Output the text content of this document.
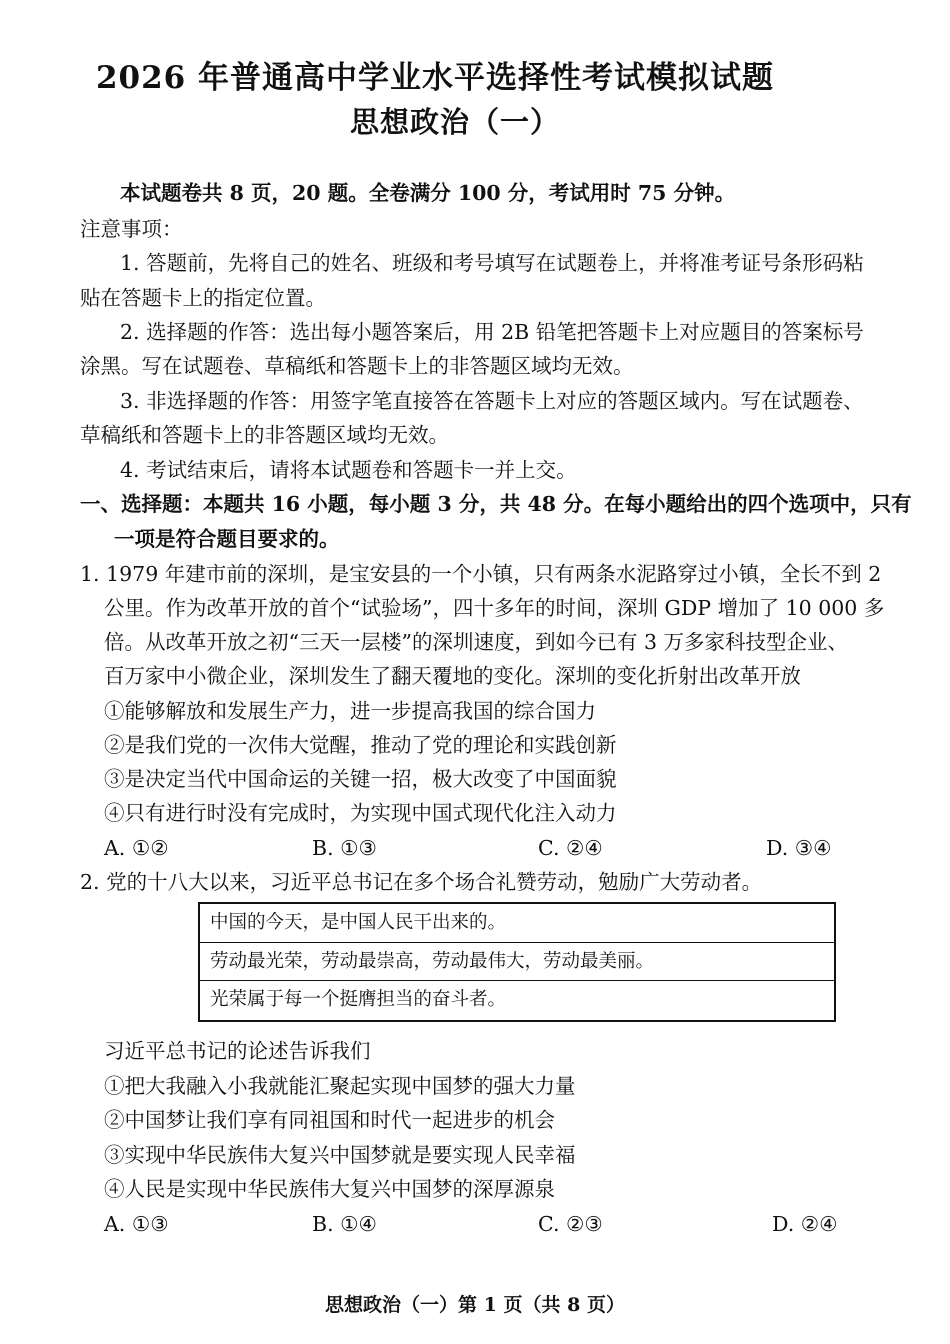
2026 年普通高中学业水平选择性考试模拟试题
思想政治（一）
本试题卷共 8 页，20 题。全卷满分 100 分，考试用时 75 分钟。
注意事项：
1. 答题前，先将自己的姓名、班级和考号填写在试题卷上，并将准考证号条形码粘
贴在答题卡上的指定位置。
2. 选择题的作答：选出每小题答案后，用 2B 铅笔把答题卡上对应题目的答案标号
涂黑。写在试题卷、草稿纸和答题卡上的非答题区域均无效。
3. 非选择题的作答：用签字笔直接答在答题卡上对应的答题区域内。写在试题卷、
草稿纸和答题卡上的非答题区域均无效。
4. 考试结束后，请将本试题卷和答题卡一并上交。
一、选择题：本题共 16 小题，每小题 3 分，共 48 分。在每小题给出的四个选项中，只有
一项是符合题目要求的。
1. 1979 年建市前的深圳，是宝安县的一个小镇，只有两条水泥路穿过小镇，全长不到 2
公里。作为改革开放的首个“试验场”，四十多年的时间，深圳 GDP 增加了 10 000 多
倍。从改革开放之初“三天一层楼”的深圳速度，到如今已有 3 万多家科技型企业、
百万家中小微企业，深圳发生了翻天覆地的变化。深圳的变化折射出改革开放
①能够解放和发展生产力，进一步提高我国的综合国力
②是我们党的一次伟大觉醒，推动了党的理论和实践创新
③是决定当代中国命运的关键一招，极大改变了中国面貌
④只有进行时没有完成时，为实现中国式现代化注入动力
A. ①②	B. ①③	C. ②④	D. ③④
2. 党的十八大以来，习近平总书记在多个场合礼赞劳动，勉励广大劳动者。
中国的今天，是中国人民干出来的。
劳动最光荣，劳动最崇高，劳动最伟大，劳动最美丽。
光荣属于每一个挺膺担当的奋斗者。
习近平总书记的论述告诉我们
①把大我融入小我就能汇聚起实现中国梦的强大力量
②中国梦让我们享有同祖国和时代一起进步的机会
③实现中华民族伟大复兴中国梦就是要实现人民幸福
④人民是实现中华民族伟大复兴中国梦的深厚源泉
A. ①③	B. ①④	C. ②③	D. ②④
思想政治（一）第 1 页（共 8 页）
